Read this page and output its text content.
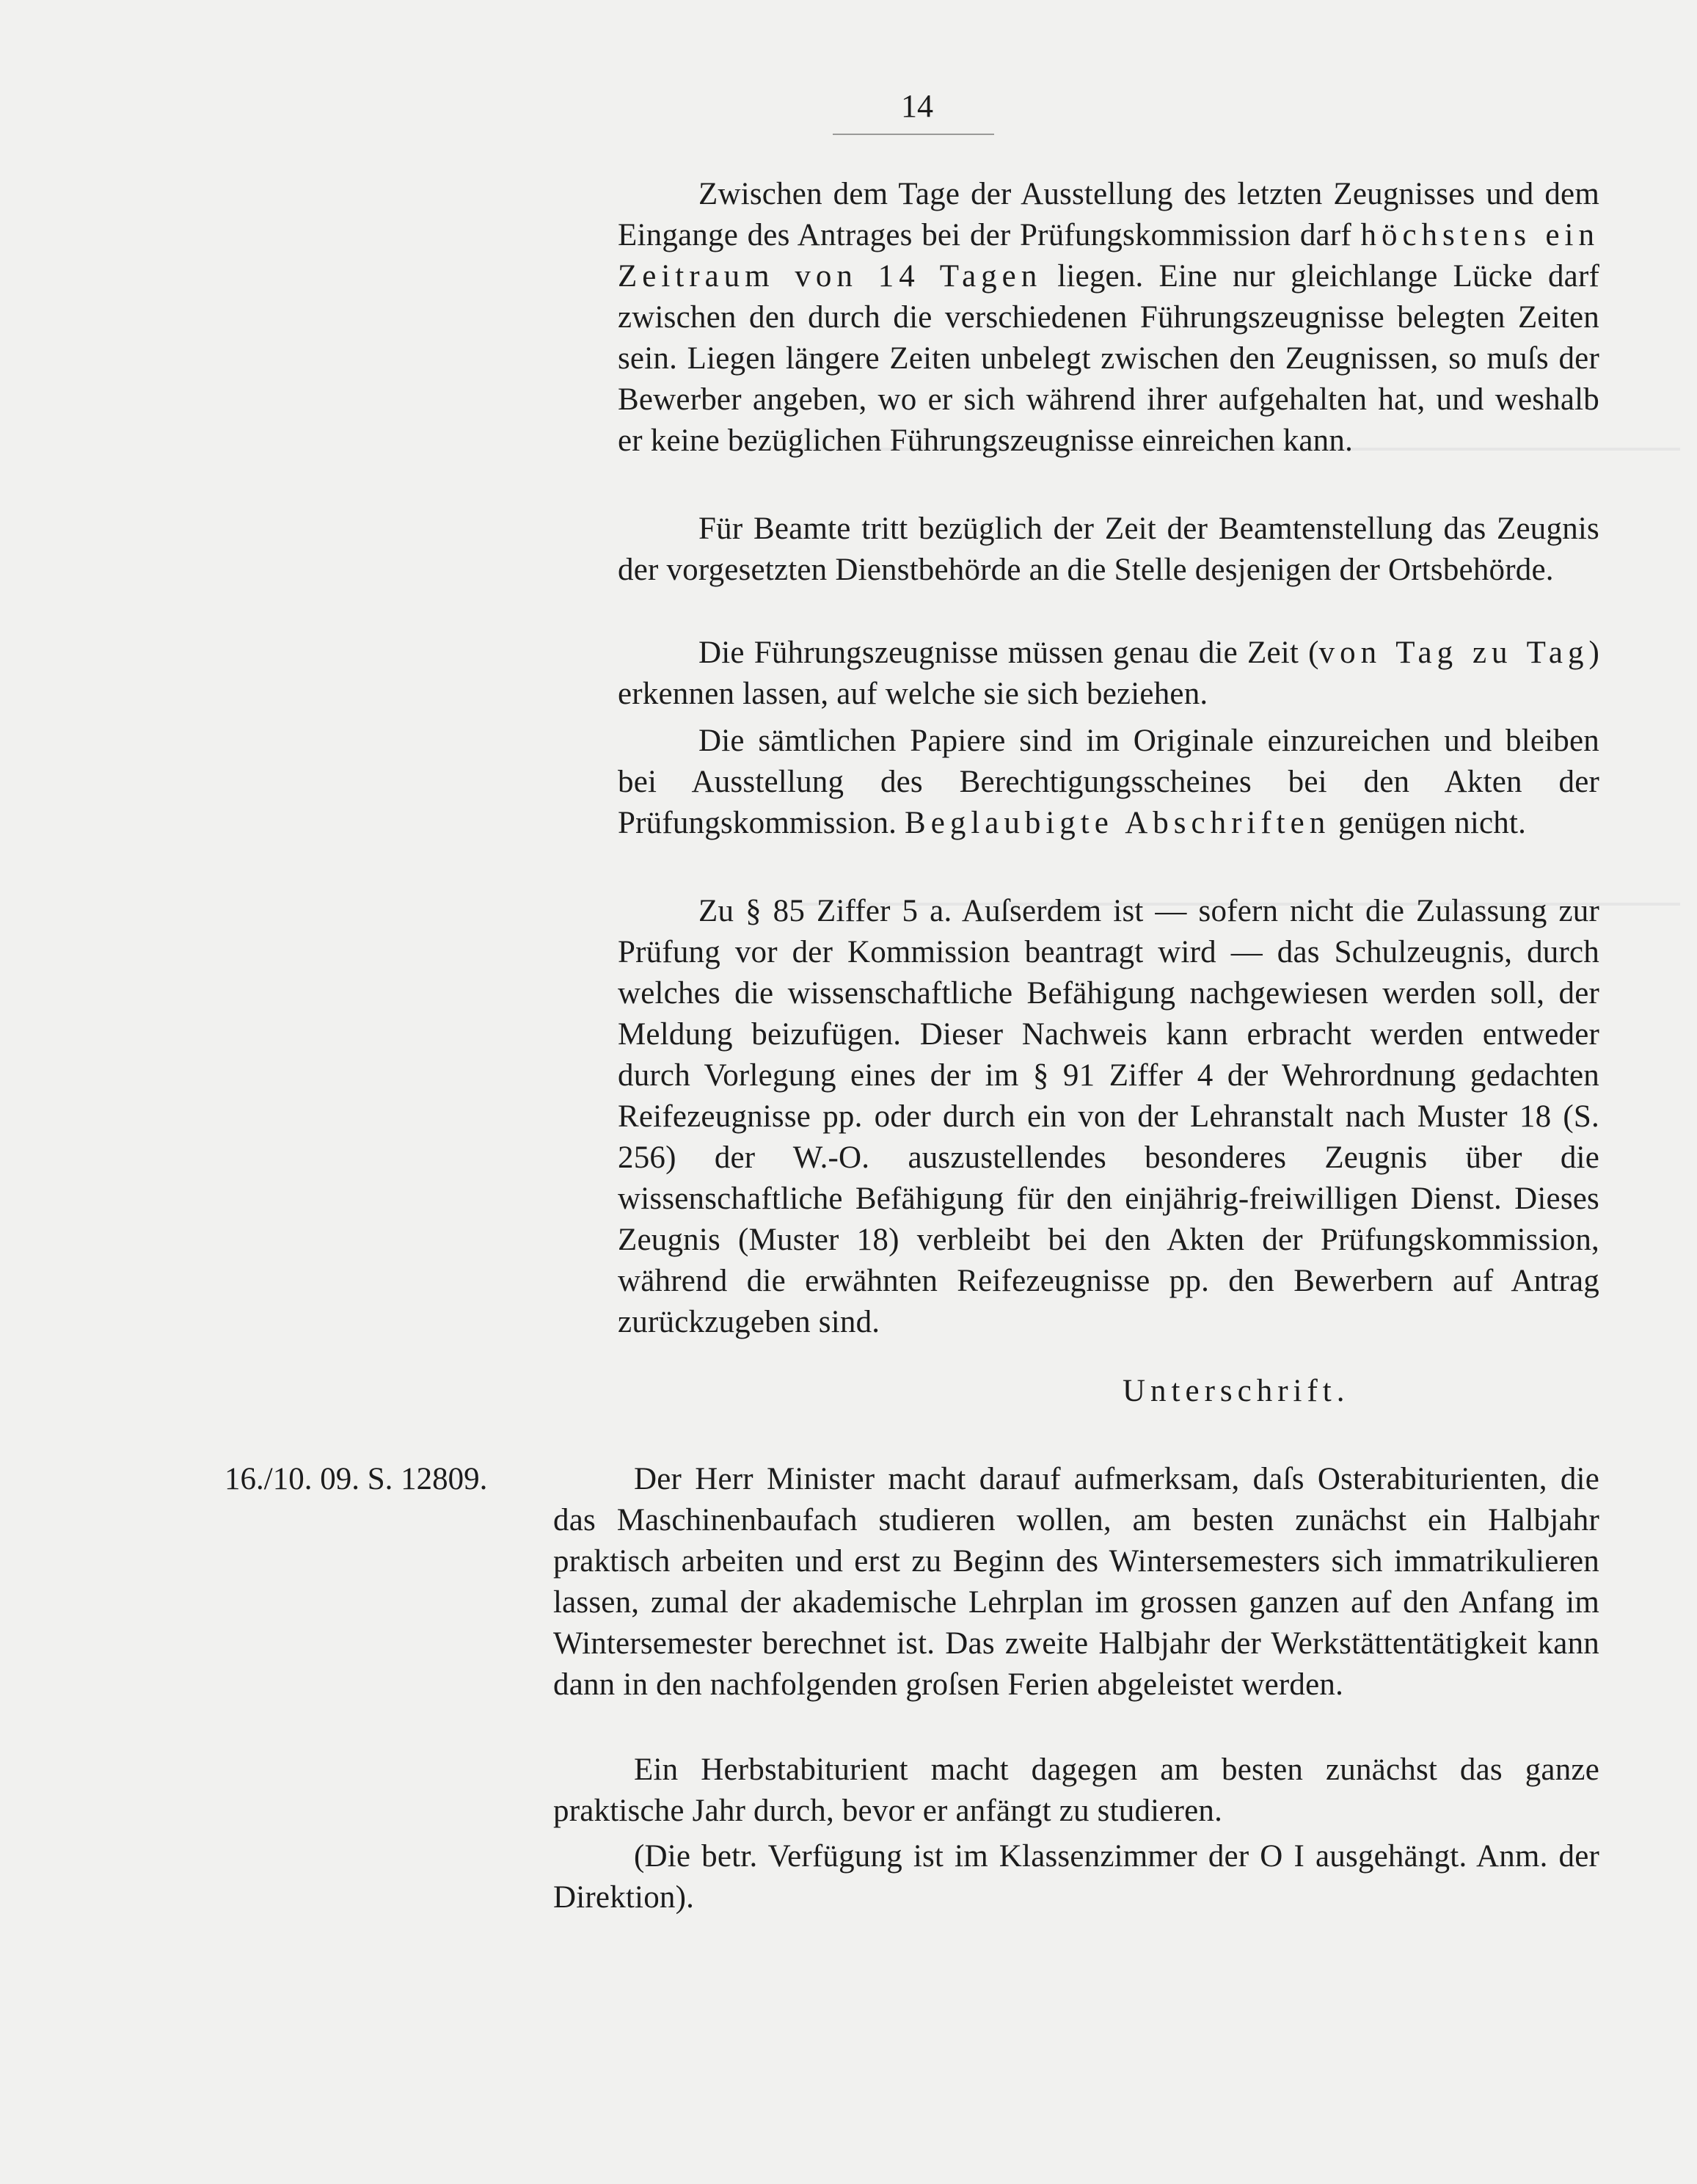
14

Zwischen dem Tage der Ausstellung des letzten Zeugnisses und dem Eingange des Antrages bei der Prüfungskommission darf höchstens ein Zeitraum von 14 Tagen liegen. Eine nur gleichlange Lücke darf zwischen den durch die verschiedenen Führungszeugnisse belegten Zeiten sein. Liegen längere Zeiten unbelegt zwischen den Zeugnissen, so muſs der Bewerber angeben, wo er sich während ihrer aufgehalten hat, und weshalb er keine bezüglichen Führungszeugnisse einreichen kann.

Für Beamte tritt bezüglich der Zeit der Beamtenstellung das Zeugnis der vorgesetzten Dienstbehörde an die Stelle desjenigen der Ortsbehörde.

Die Führungszeugnisse müssen genau die Zeit (von Tag zu Tag) erkennen lassen, auf welche sie sich beziehen.

Die sämtlichen Papiere sind im Originale einzureichen und bleiben bei Ausstellung des Berechtigungsscheines bei den Akten der Prüfungskommission. Beglaubigte Abschriften genügen nicht.

Zu § 85 Ziffer 5 a. Auſserdem ist — sofern nicht die Zulassung zur Prüfung vor der Kommission beantragt wird — das Schulzeugnis, durch welches die wissenschaftliche Befähigung nachgewiesen werden soll, der Meldung beizufügen. Dieser Nachweis kann erbracht werden entweder durch Vorlegung eines der im § 91 Ziffer 4 der Wehrordnung gedachten Reifezeugnisse pp. oder durch ein von der Lehranstalt nach Muster 18 (S. 256) der W.-O. auszustellendes besonderes Zeugnis über die wissenschaftliche Befähigung für den einjährig-freiwilligen Dienst. Dieses Zeugnis (Muster 18) verbleibt bei den Akten der Prüfungskommission, während die erwähnten Reifezeugnisse pp. den Bewerbern auf Antrag zurückzugeben sind.

Unterschrift.
16./10. 09. S. 12809.	Der Herr Minister macht darauf aufmerksam, daſs Osterabiturienten, die das Maschinenbaufach studieren wollen, am besten zunächst ein Halbjahr praktisch arbeiten und erst zu Beginn des Wintersemesters sich immatrikulieren lassen, zumal der akademische Lehrplan im grossen ganzen auf den Anfang im Wintersemester berechnet ist. Das zweite Halbjahr der Werkstättentätigkeit kann dann in den nachfolgenden groſsen Ferien abgeleistet werden.

Ein Herbstabiturient macht dagegen am besten zunächst das ganze praktische Jahr durch, bevor er anfängt zu studieren.

(Die betr. Verfügung ist im Klassenzimmer der O I ausgehängt. Anm. der Direktion).
